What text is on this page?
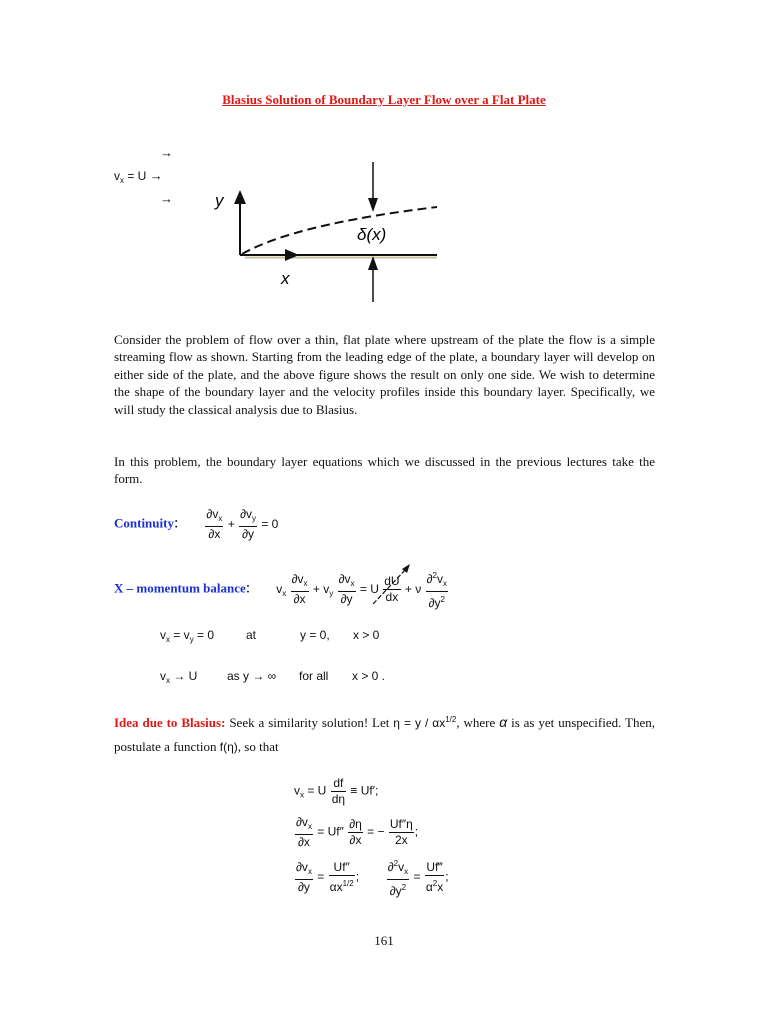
Blasius Solution of Boundary Layer Flow over a Flat Plate
→
$v_x = U$ →
→ y
x
δ(x)
Consider the problem of flow over a thin, flat plate where upstream of the plate the flow is a simple streaming flow as shown. Starting from the leading edge of the plate, a boundary layer will develop on either side of the plate, and the above figure shows the result on only one side. We wish to determine the shape of the boundary layer and the velocity profiles inside this boundary layer. Specifically, we will study the classical analysis due to Blasius.
In this problem, the boundary layer equations which we discussed in the previous lectures take the form.
Continuity: $\frac{\partial v_x}{\partial x} + \frac{\partial v_y}{\partial y} = 0$
X – momentum balance: $v_x \frac{\partial v_x}{\partial x} + v_y \frac{\partial v_x}{\partial y} = U \frac{dU}{dx} + \nu \frac{\partial^2v_x}{\partial y^2}$
$v_x = v_y = 0$	at	y = 0, x > 0
$v_x \to U$ as y → ∞ for all x > 0 .
Idea due to Blasius: Seek a similarity solution! Let $\eta = y / \alpha x^{1/2}$, where α is as yet unspecified. Then, postulate a function f(η), so that
$v_x = U \frac{df}{d\eta} \equiv Uf'$;
$\frac{\partial v_x}{\partial x} = Uf'' \frac{\partial\eta}{\partial x}$ = − $\frac{Uf''\eta}{2x}$ ;
$\frac{\partial v_x}{\partial y} = \frac{Uf''}{\alpha x^{1/2}}$ ; $\frac{\partial^2v_x}{\partial y^2} = \frac{Uf‴}{\alpha^2x}$ ;
161
